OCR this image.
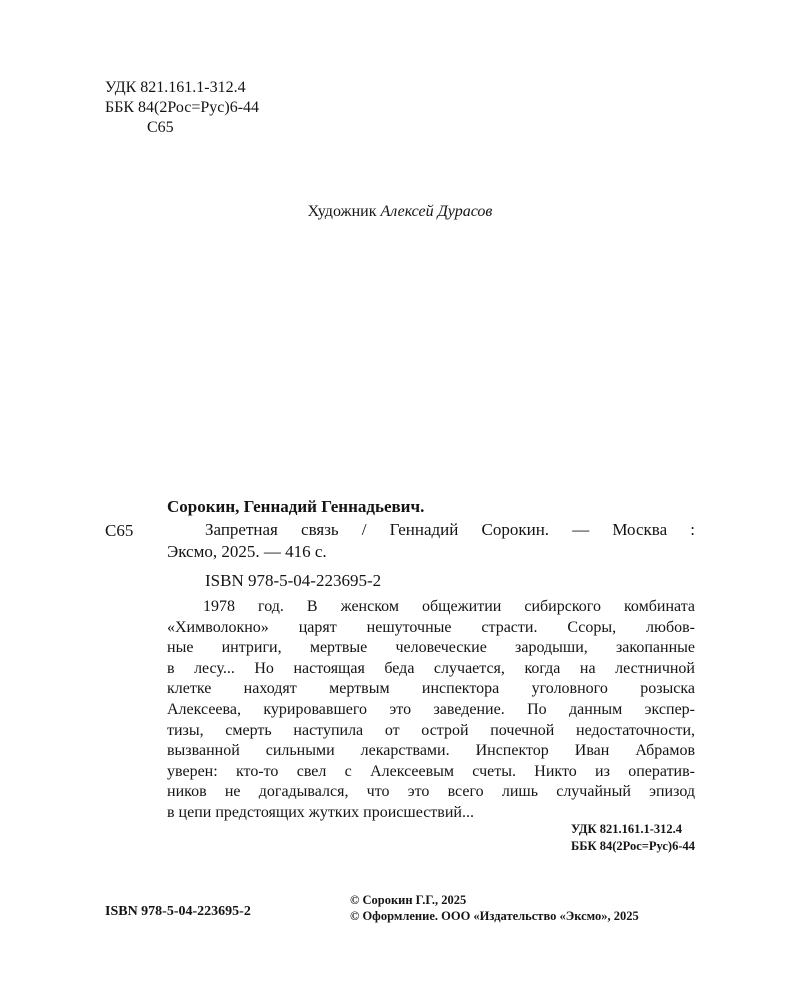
УДК 821.161.1-312.4
ББК 84(2Рос=Рус)6-44
С65
Художник Алексей Дурасов
Сорокин, Геннадий Геннадьевич.
С65	Запретная связь / Геннадий Сорокин. — Москва :
Эксмо, 2025. — 416 с.
ISBN 978-5-04-223695-2
1978 год. В женском общежитии сибирского комбината
«Химволокно» царят нешуточные страсти. Ссоры, любов-
ные интриги, мертвые человеческие зародыши, закопанные
в лесу... Но настоящая беда случается, когда на лестничной
клетке находят мертвым инспектора уголовного розыска
Алексеева, курировавшего это заведение. По данным экспер-
тизы, смерть наступила от острой почечной недостаточности,
вызванной сильными лекарствами. Инспектор Иван Абрамов
уверен: кто-то свел с Алексеевым счеты. Никто из оператив-
ников не догадывался, что это всего лишь случайный эпизод
в цепи предстоящих жутких происшествий...
УДК 821.161.1-312.4
ББК 84(2Рос=Рус)6-44
ISBN 978-5-04-223695-2
© Сорокин Г.Г., 2025
© Оформление. ООО «Издательство «Эксмо», 2025
